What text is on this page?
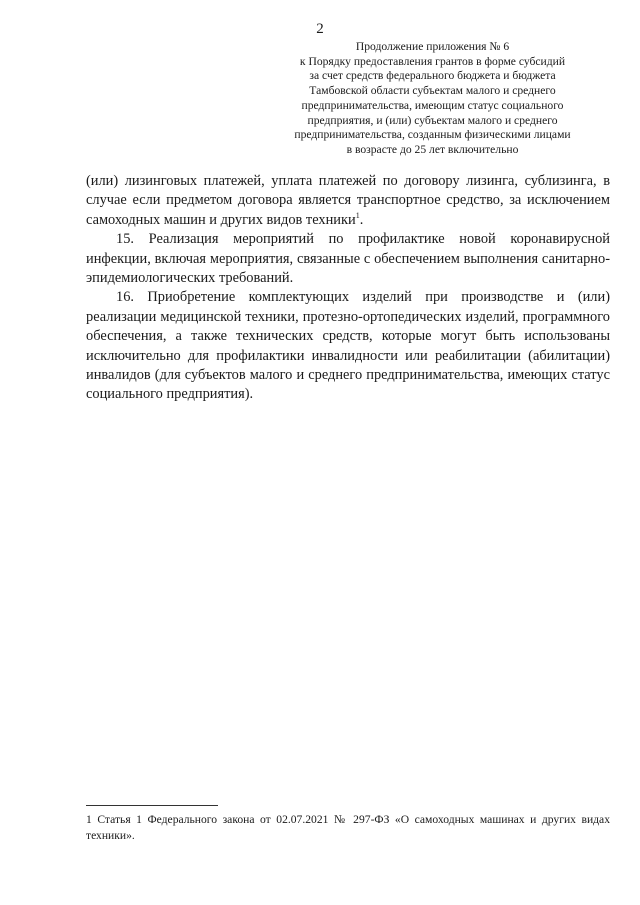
2
Продолжение приложения № 6
к Порядку предоставления грантов в форме субсидий
за счет средств федерального бюджета и бюджета
Тамбовской области субъектам малого и среднего
предпринимательства, имеющим статус социального
предприятия, и (или) субъектам малого и среднего
предпринимательства, созданным физическими лицами
в возрасте до 25 лет включительно

(или) лизинговых платежей, уплата платежей по договору лизинга, сублизинга, в случае если предметом договора является транспортное средство, за исключением самоходных машин и других видов техники$^1$.

15. Реализация мероприятий по профилактике новой коронавирусной инфекции, включая мероприятия, связанные с обеспечением выполнения санитарно-эпидемиологических требований.

16. Приобретение комплектующих изделий при производстве и (или) реализации медицинской техники, протезно-ортопедических изделий, программного обеспечения, а также технических средств, которые могут быть использованы исключительно для профилактики инвалидности или реабилитации (абилитации) инвалидов (для субъектов малого и среднего предпринимательства, имеющих статус социального предприятия).

1 Статья 1 Федерального закона от 02.07.2021 № 297-ФЗ «О самоходных машинах и других видах техники».
